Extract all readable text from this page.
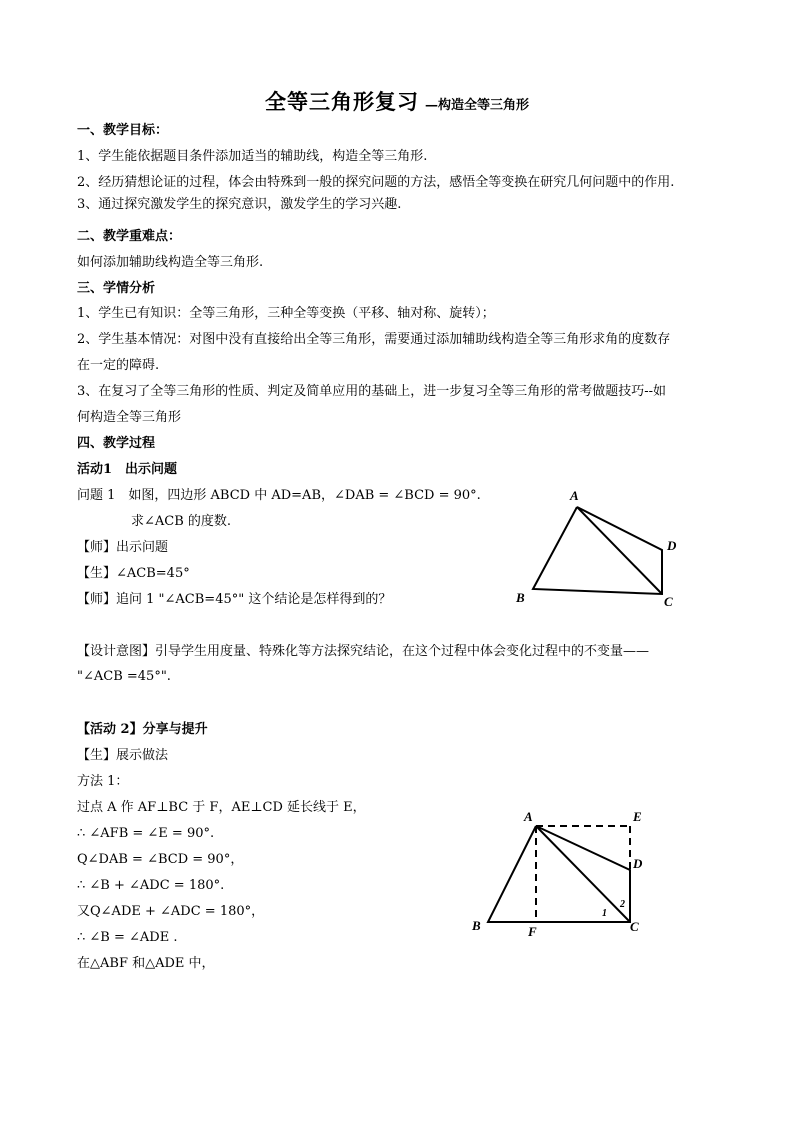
全等三角形复习 —构造全等三角形
一、教学目标：
1、学生能依据题目条件添加适当的辅助线，构造全等三角形.
2、经历猜想论证的过程，体会由特殊到一般的探究问题的方法，感悟全等变换在研究几何问题中的作用.
3、通过探究激发学生的探究意识，激发学生的学习兴趣.
二、教学重难点：
如何添加辅助线构造全等三角形.
三、学情分析
1、学生已有知识：全等三角形，三种全等变换（平移、轴对称、旋转）；
2、学生基本情况：对图中没有直接给出全等三角形，需要通过添加辅助线构造全等三角形求角的度数存
在一定的障碍.
3、在复习了全等三角形的性质、判定及简单应用的基础上，进一步复习全等三角形的常考做题技巧--如
何构造全等三角形
四、教学过程
活动1　出示问题
问题 1　如图，四边形 ABCD 中 AD=AB，∠DAB = ∠BCD = 90°.
求∠ACB 的度数.
【师】出示问题
【生】∠ACB=45°
【师】追问 1 "∠ACB=45°" 这个结论是怎样得到的？
【设计意图】引导学生用度量、特殊化等方法探究结论，在这个过程中体会变化过程中的不变量——
"∠ACB =45°".
A
B	C
D
【活动 2】分享与提升
【生】展示做法
方法 1：
过点 A 作 AF⊥BC 于 F，AE⊥CD 延长线于 E，
∴ ∠AFB = ∠E = 90°.
Q∠DAB = ∠BCD = 90°，
∴ ∠B + ∠ADC = 180°.
又Q∠ADE + ∠ADC = 180°，
∴ ∠B = ∠ADE .
在△ABF 和△ADE 中，
A
B	C
D
E
F
1
2
